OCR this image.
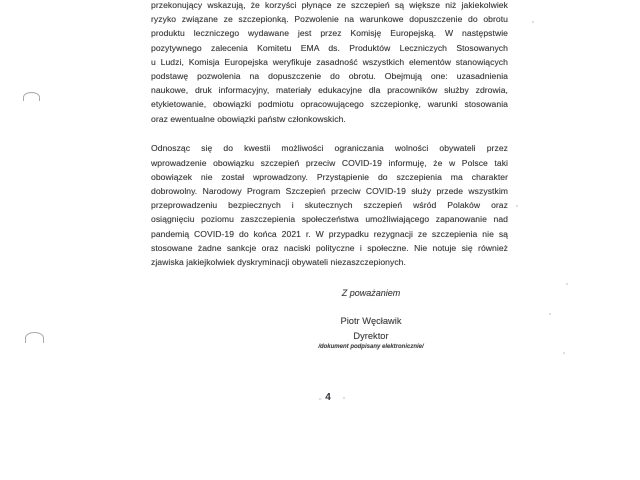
przekonujący wskazują, że korzyści płynące ze szczepień są większe niż jakiekolwiek
ryzyko związane ze szczepionką. Pozwolenie na warunkowe dopuszczenie do obrotu
produktu leczniczego wydawane jest przez Komisję Europejską. W następstwie
pozytywnego zalecenia Komitetu EMA ds. Produktów Leczniczych Stosowanych
u Ludzi, Komisja Europejska weryfikuje zasadność wszystkich elementów stanowiących
podstawę pozwolenia na dopuszczenie do obrotu. Obejmują one: uzasadnienia
naukowe, druk informacyjny, materiały edukacyjne dla pracowników służby zdrowia,
etykietowanie, obowiązki podmiotu opracowującego szczepionkę, warunki stosowania
oraz ewentualne obowiązki państw członkowskich.
Odnosząc się do kwestii możliwości ograniczania wolności obywateli przez
wprowadzenie obowiązku szczepień przeciw COVID-19 informuję, że w Polsce taki
obowiązek nie został wprowadzony. Przystąpienie do szczepienia ma charakter
dobrowolny. Narodowy Program Szczepień przeciw COVID-19 służy przede wszystkim
przeprowadzeniu bezpiecznych i skutecznych szczepień wśród Polaków oraz
osiągnięciu poziomu zaszczepienia społeczeństwa umożliwiającego zapanowanie nad
pandemią COVID-19 do końca 2021 r. W przypadku rezygnacji ze szczepienia nie są
stosowane żadne sankcje oraz naciski polityczne i społeczne. Nie notuje się również
zjawiska jakiejkolwiek dyskryminacji obywateli niezaszczepionych.
Z poważaniem
Piotr Węcławik
Dyrektor
/dokument podpisany elektronicznie/
4
